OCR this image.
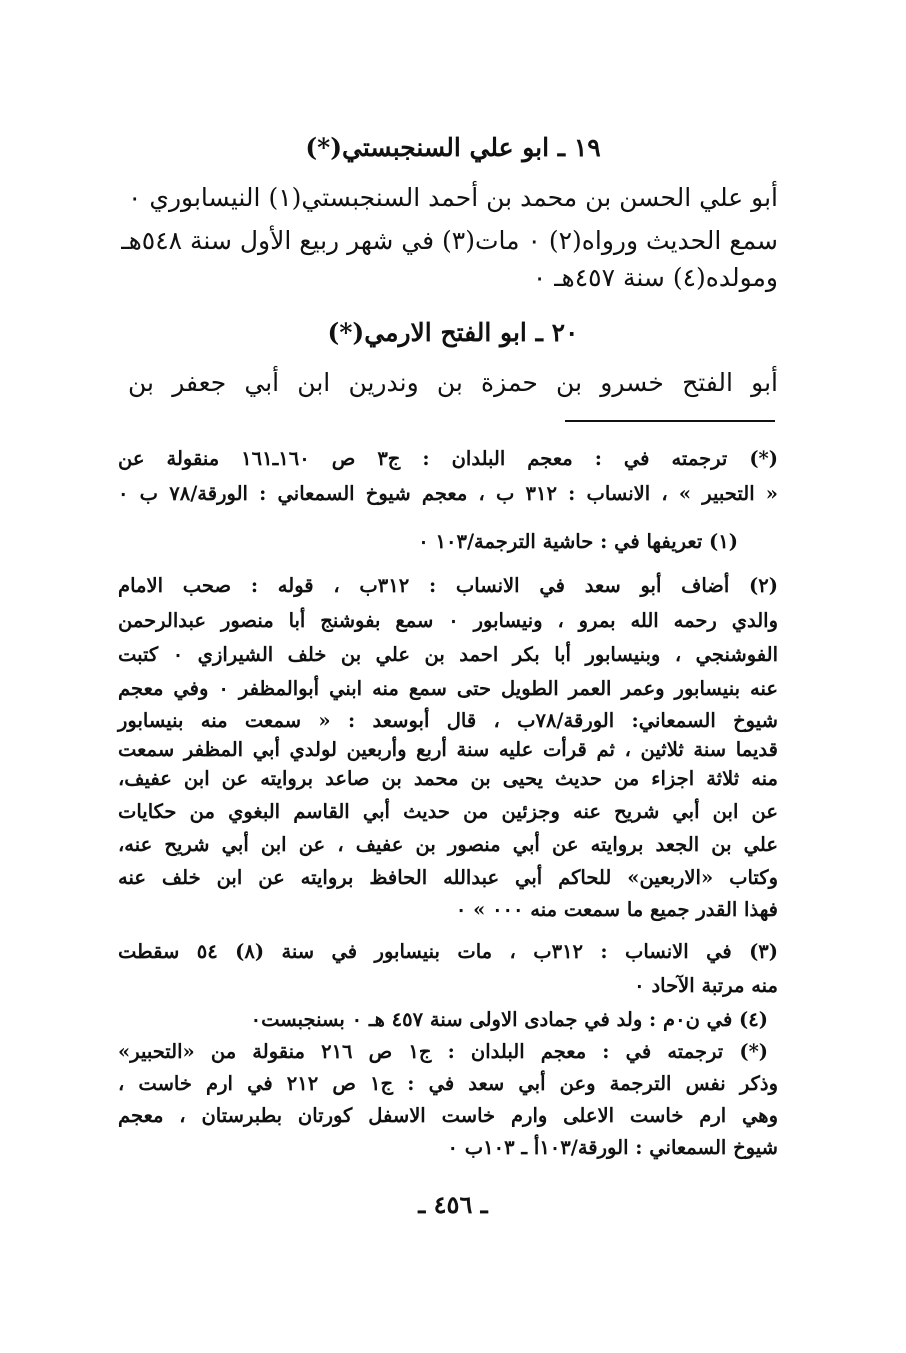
١٩ ـ ابو علي السنجبستي(*)
أبو علي الحسن بن محمد بن أحمد السنجبستي(١) النيسابوري ٠
سمع الحديث ورواه(٢) ٠ مات(٣) في شهر ربيع الأول سنة ٥٤٨هـ
ومولده(٤) سنة ٤٥٧هـ ٠
٢٠ ـ ابو الفتح الارمي(*)
أبو الفتح خسرو بن حمزة بن وندرين ابن أبي جعفر بن
(*) ترجمته في : معجم البلدان : ج٣ ص ١٦٠ـ١٦١ منقولة عن
« التحبير » ، الانساب : ٣١٢ ب ، معجم شيوخ السمعاني : الورقة/٧٨ ب ٠
(١) تعريفها في : حاشية الترجمة/١٠٣ ٠
(٢) أضاف أبو سعد في الانساب : ٣١٢ب ، قوله : صحب الامام
والدي رحمه الله بمرو ، ونيسابور ٠ سمع بفوشنج أبا منصور عبدالرحمن
الفوشنجي ، وبنيسابور أبا بكر احمد بن علي بن خلف الشيرازي ٠ كتبت
عنه بنيسابور وعمر العمر الطويل حتى سمع منه ابني أبوالمظفر ٠ وفي معجم
شيوخ السمعاني: الورقة/٧٨ب ، قال أبوسعد : « سمعت منه بنيسابور
قديما سنة ثلاثين ، ثم قرأت عليه سنة أربع وأربعين لولدي أبي المظفر سمعت
منه ثلاثة اجزاء من حديث يحيى بن محمد بن صاعد بروايته عن ابن عفيف،
عن ابن أبي شريح عنه وجزئين من حديث أبي القاسم البغوي من حكايات
علي بن الجعد بروايته عن أبي منصور بن عفيف ، عن ابن أبي شريح عنه،
وكتاب «الاربعين» للحاكم أبي عبدالله الحافظ بروايته عن ابن خلف عنه
فهذا القدر جميع ما سمعت منه ٠٠٠ » ٠
(٣) في الانساب : ٣١٢ب ، مات بنيسابور في سنة (٨) ٥٤ سقطت
منه مرتبة الآحاد ٠
(٤) في ن٠م : ولد في جمادى الاولى سنة ٤٥٧ هـ ٠ بسنجبست٠
(*) ترجمته في : معجم البلدان : ج١ ص ٢١٦ منقولة من «التحبير»
وذكر نفس الترجمة وعن أبي سعد في : ج١ ص ٢١٢ في ارم خاست ،
وهي ارم خاست الاعلى وارم خاست الاسفل كورتان بطبرستان ، معجم
شيوخ السمعاني : الورقة/١٠٣أ ـ ١٠٣ب ٠
ـ ٤٥٦ ـ
